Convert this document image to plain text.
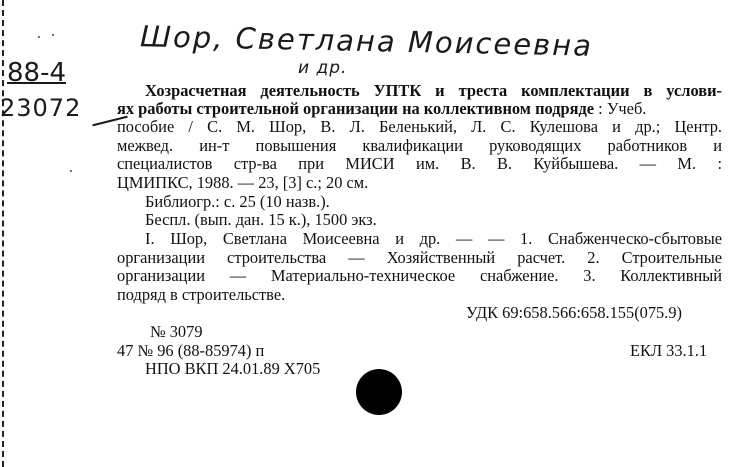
Шор, Светлана Моисеевна
и др.
88-4
23072
Хозрасчетная деятельность УПТК и треста комплектации в услови-
ях работы строительной организации на коллективном подряде : Учеб.
пособие / С. М. Шор, В. Л. Беленький, Л. С. Кулешова и др.; Центр.
межвед. ин-т повышения квалификации руководящих работников и
специалистов стр-ва при МИСИ им. В. В. Куйбышева. — М. :
ЦМИПКС, 1988. — 23, [3] с.; 20 см.
Библиогр.: с. 25 (10 назв.).
Беспл. (вып. дан. 15 к.), 1500 экз.
I. Шор, Светлана Моисеевна и др. — — 1. Снабженческо-сбытовые
организации строительства — Хозяйственный расчет. 2. Строительные
организации — Материально-техническое снабжение. 3. Коллективный
подряд в строительстве.
УДК 69:658.566:658.155(075.9)
№ 3079
47 № 96 (88-85974) п	ЕКЛ 33.1.1
НПО ВКП 24.01.89 Х705
